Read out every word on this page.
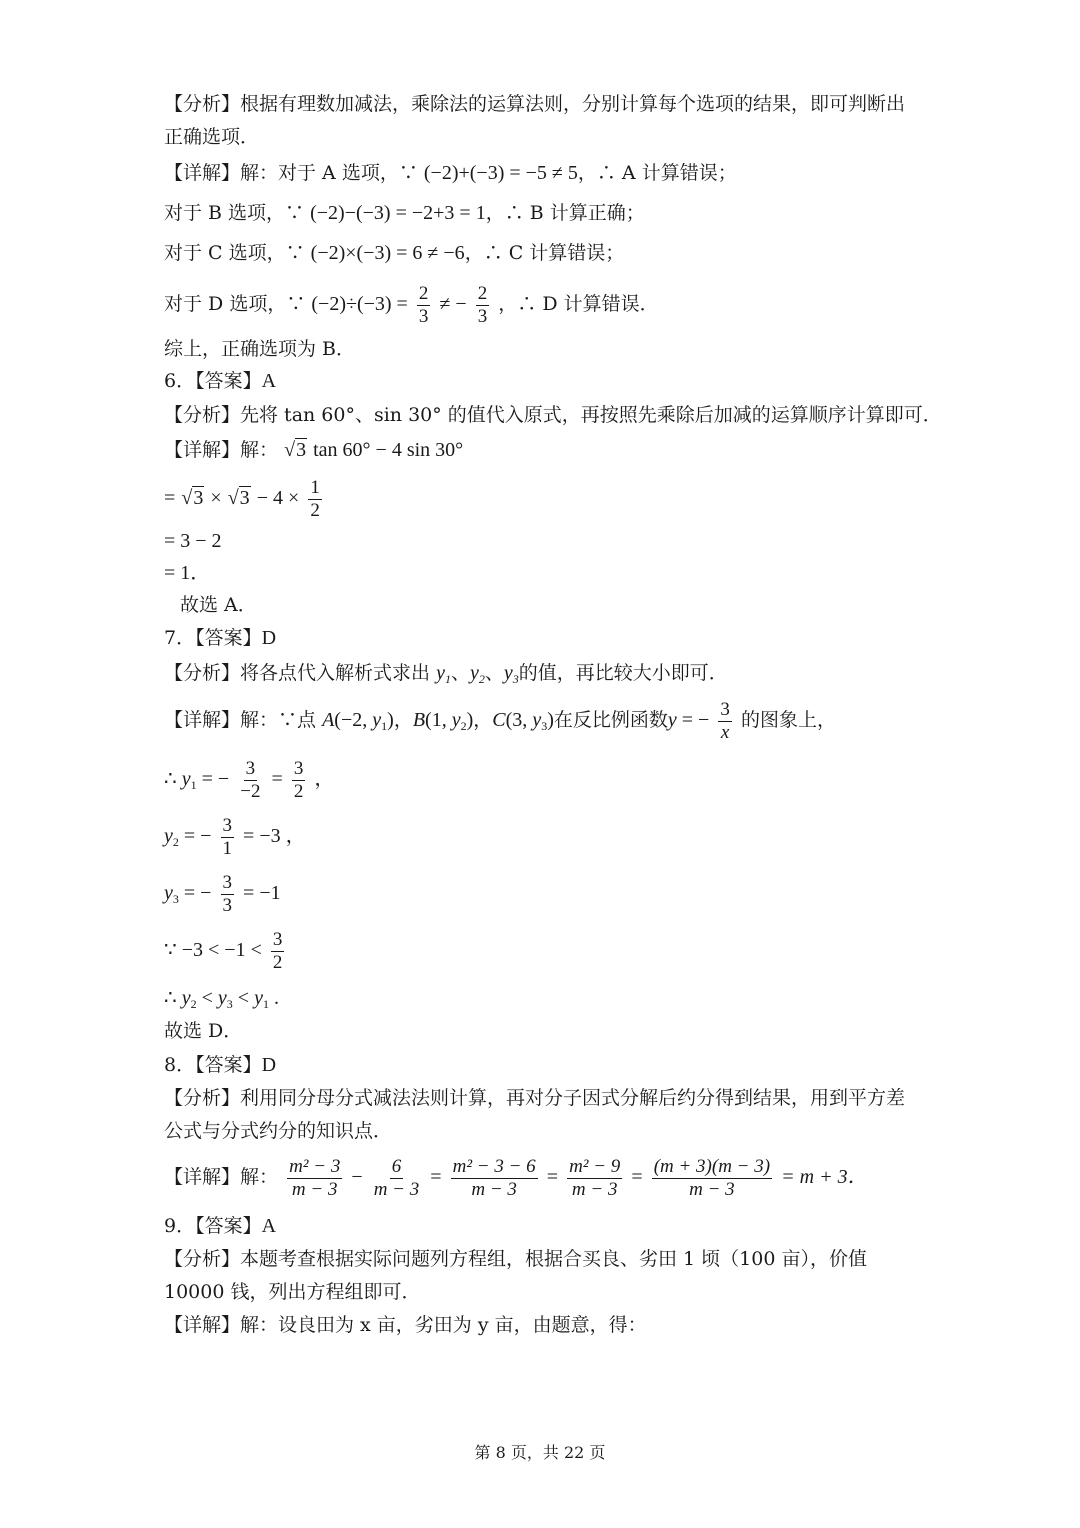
【分析】根据有理数加减法，乘除法的运算法则，分别计算每个选项的结果，即可判断出
正确选项．
【详解】解：对于 A 选项，∵ (−2)+(−3) = −5 ≠ 5，∴ A 计算错误；
对于 B 选项，∵ (−2)−(−3) = −2+3 = 1，∴ B 计算正确；
对于 C 选项，∵ (−2)×(−3) = 6 ≠ −6，∴ C 计算错误；
对于 D 选项，∵ $(-2)\div(-3) = \frac{2}{3}$ ≠ − $\frac{2}{3}$ ，∴ D 计算错误．
综上，正确选项为 B．
6．【答案】A
【分析】先将 tan 60°、sin 30° 的值代入原式，再按照先乘除后加减的运算顺序计算即可．
【详解】解： √3 tan 60° − 4 sin 30°
= $√3 \times √3 - 4 \times \frac{1}{2}$
= 3 − 2
= 1．
故选 A．
7．【答案】D
【分析】将各点代入解析式求出 $y_1$、$y_2$、$y_3$的值，再比较大小即可．
【详解】解：∵点 A(−2, $y_1$)，B(1, $y_2$)，C(3, $y_3$)在反比例函数y = − $\frac{3}{x}$ 的图象上，
∴ $y_1$ = − $\frac{3}{-2} = \frac{3}{2}$ ，
$y_2$ = − $\frac{3}{1} = -3$ ，
$y_3$ = − $\frac{3}{3} = -1$
∵ $-3 < -1 < \frac{3}{2}$
∴ $y_2 < y_3 < y_1$ .
故选 D．
8．【答案】D
【分析】利用同分母分式减法法则计算，再对分子因式分解后约分得到结果，用到平方差
公式与分式约分的知识点．
【详解】解： $\frac{\text{m² − 3}}{m - 3} - \frac{6}{m - 3} = \frac{\text{m² − 3 − 6}}{m - 3} = \frac{\text{m² − 9}}{m - 3} = \frac{(m + 3)(m - 3)}{m - 3} = m + 3$．
9．【答案】A
【分析】本题考查根据实际问题列方程组，根据合买良、劣田 1 顷（100 亩），价值
10000 钱，列出方程组即可．
【详解】解：设良田为 x 亩，劣田为 y 亩，由题意，得：
第 8 页，共 22 页
